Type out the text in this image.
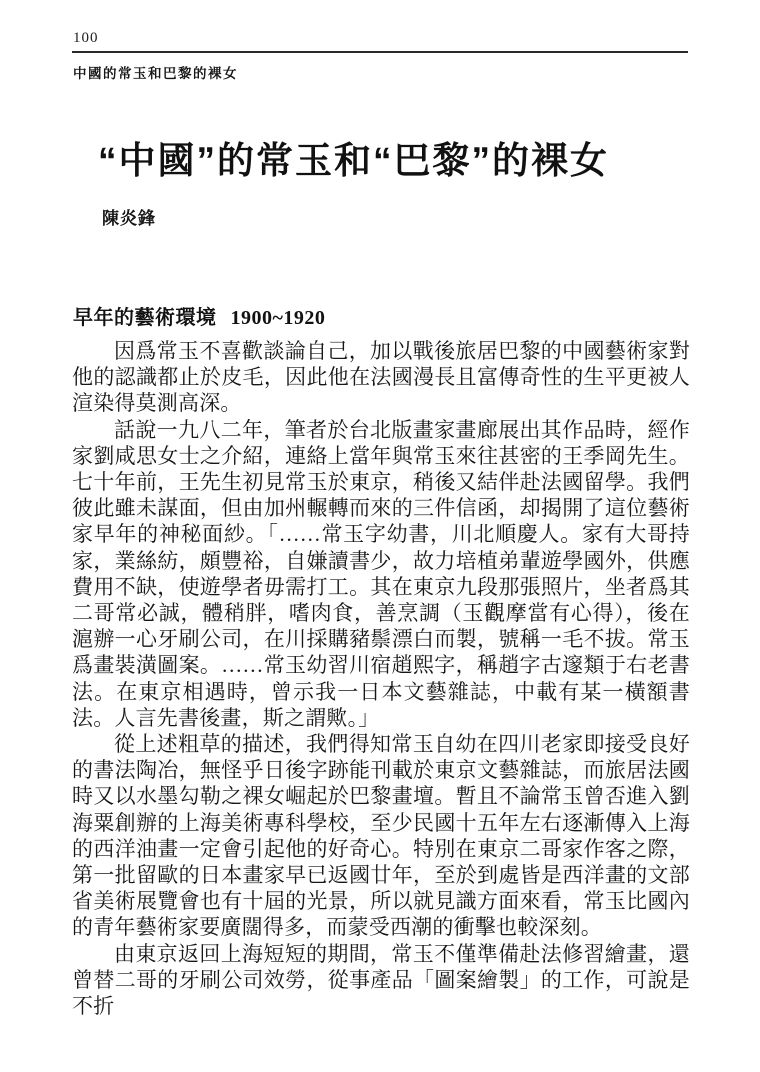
100
中國的常玉和巴黎的裸女
“中國”的常玉和“巴黎”的裸女
陳炎鋒
早年的藝術環境 1900~1920

因爲常玉不喜歡談論自己，加以戰後旅居巴黎的中國藝術家對他的認識都止於皮毛，因此他在法國漫長且富傳奇性的生平更被人渲染得莫測高深。

話說一九八二年，筆者於台北版畫家畫廊展出其作品時，經作家劉咸思女士之介紹，連絡上當年與常玉來往甚密的王季岡先生。七十年前，王先生初見常玉於東京，稍後又結伴赴法國留學。我們彼此雖未謀面，但由加州輾轉而來的三件信函，却揭開了這位藝術家早年的神秘面紗。「……常玉字幼書，川北順慶人。家有大哥持家，業絲紡，頗豐裕，自嫌讀書少，故力培植弟輩遊學國外，供應費用不缺，使遊學者毋需打工。其在東京九段那張照片，坐者爲其二哥常必誠，體稍胖，嗜肉食，善烹調（玉觀摩當有心得），後在滬辦一心牙刷公司，在川採購豬鬃漂白而製，號稱一毛不拔。常玉爲畫裝潢圖案。……常玉幼習川宿趙熙字，稱趙字古邃類于右老書法。在東京相遇時，曾示我一日本文藝雜誌，中載有某一橫額書法。人言先書後畫，斯之謂歟。」

從上述粗草的描述，我們得知常玉自幼在四川老家即接受良好的書法陶冶，無怪乎日後字跡能刊載於東京文藝雜誌，而旅居法國時又以水墨勾勒之裸女崛起於巴黎畫壇。暫且不論常玉曾否進入劉海粟創辦的上海美術專科學校，至少民國十五年左右逐漸傳入上海的西洋油畫一定會引起他的好奇心。特別在東京二哥家作客之際，第一批留歐的日本畫家早已返國廿年，至於到處皆是西洋畫的文部省美術展覽會也有十屆的光景，所以就見識方面來看，常玉比國內的青年藝術家要廣闊得多，而蒙受西潮的衝擊也較深刻。

由東京返回上海短短的期間，常玉不僅準備赴法修習繪畫，還曾替二哥的牙刷公司效勞，從事產品「圖案繪製」的工作，可說是不折
